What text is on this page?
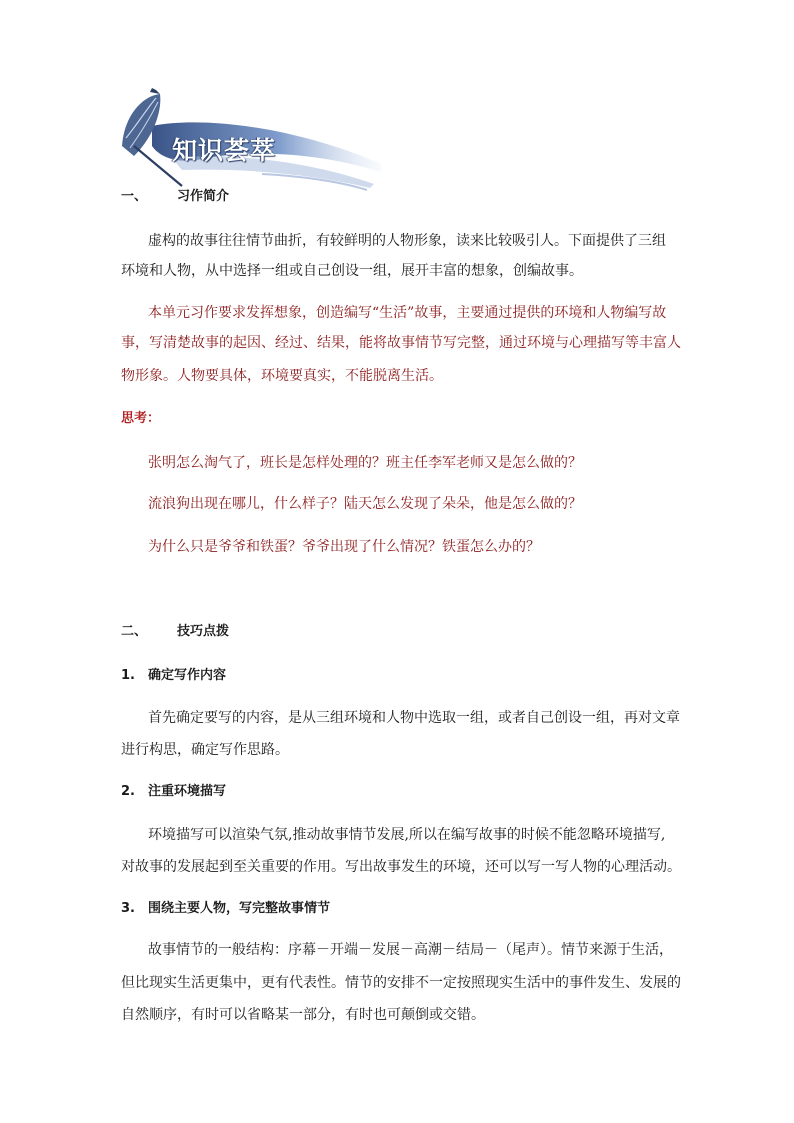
知识荟萃
一、 习作简介

虚构的故事往往情节曲折，有较鲜明的人物形象，读来比较吸引人。下面提供了三组

环境和人物，从中选择一组或自己创设一组，展开丰富的想象，创编故事。

本单元习作要求发挥想象，创造编写“生活”故事，主要通过提供的环境和人物编写故

事，写清楚故事的起因、经过、结果，能将故事情节写完整，通过环境与心理描写等丰富人

物形象。人物要具体，环境要真实，不能脱离生活。

思考：

张明怎么淘气了，班长是怎样处理的？班主任李军老师又是怎么做的？

流浪狗出现在哪儿，什么样子？陆天怎么发现了朵朵，他是怎么做的？

为什么只是爷爷和铁蛋？爷爷出现了什么情况？铁蛋怎么办的？

二、 技巧点拨
1. 确定写作内容

首先确定要写的内容，是从三组环境和人物中选取一组，或者自己创设一组，再对文章

进行构思，确定写作思路。

2. 注重环境描写

环境描写可以渲染气氛,推动故事情节发展,所以在编写故事的时候不能忽略环境描写,

对故事的发展起到至关重要的作用。写出故事发生的环境，还可以写一写人物的心理活动。

3. 围绕主要人物，写完整故事情节

故事情节的一般结构：序幕－开端－发展－高潮－结局－（尾声）。情节来源于生活，

但比现实生活更集中，更有代表性。情节的安排不一定按照现实生活中的事件发生、发展的

自然顺序，有时可以省略某一部分，有时也可颠倒或交错。
